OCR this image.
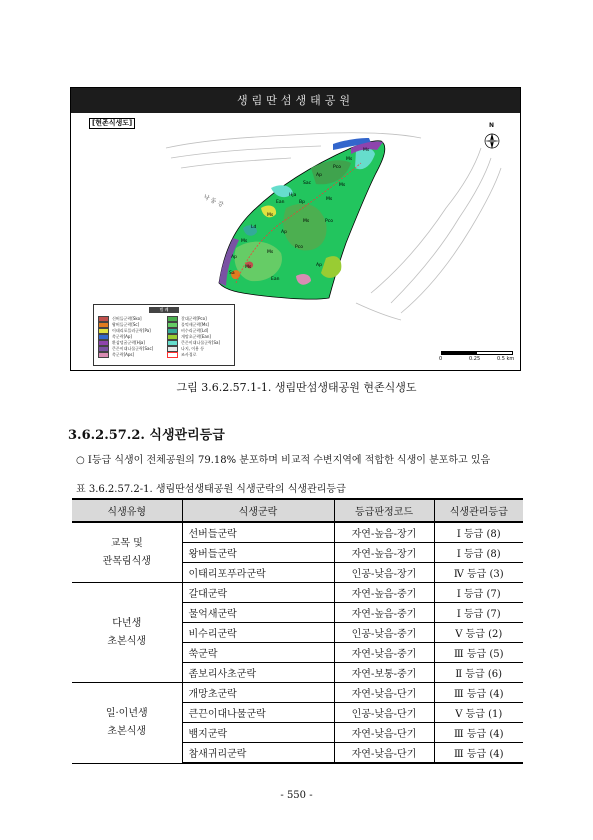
Ms
Ms
Pco
Ap
Sac	Ms
Hja
Ean	Bp
Ms
Ms
Ms	Pco
Ld
Ap
Ms
Pco
Ms
Ap
Ms	Ap
Sa
Ean
낙 동 강
생림딴섬생태공원
[현존식생도]	N
범 례
신버들군락[Sko]	갈대군락[Pco]
왕버들군락[Sc]	물억새군락[Ms]
이태리포플러군락[Pa]	비수리군락[Ld]
쑥군락[Ap]	개망초군락[Ean]
환삼덩굴군락[Hja]	큰끈이대나물군락[Sa]
큰끈이대나물군락[Sac]	나지, 이용 등
쑥군락[Aps]	조사경로
0	0.25	0.5 km
그림 3.6.2.57.1-1. 생림딴섬생태공원 현존식생도
3.6.2.57.2. 식생관리등급
○ Ⅰ등급 식생이 전체공원의 79.18% 분포하며 비교적 수변지역에 적합한 식생이 분포하고 있음
표 3.6.2.57.2-1. 생림딴섬생태공원 식생군락의 식생관리등급
식생유형	식생군락	등급판정코드	식생관리등급

교목 및
관목림식생	선버들군락	자연-높음-장기	Ⅰ 등급 (8)
	왕버들군락	자연-높음-장기	Ⅰ 등급 (8)
	이태리포푸라군락	인공-낮음-장기	Ⅳ 등급 (3)

다년생
초본식생	갈대군락	자연-높음-중기	Ⅰ 등급 (7)
	물억새군락	자연-높음-중기	Ⅰ 등급 (7)
	비수리군락	인공-낮음-중기	Ⅴ 등급 (2)
	쑥군락	자연-낮음-중기	Ⅲ 등급 (5)
	좀보리사초군락	자연-보통-중기	Ⅱ 등급 (6)

일·이년생
초본식생	개망초군락	자연-낮음-단기	Ⅲ 등급 (4)
	큰끈이대나물군락	인공-낮음-단기	Ⅴ 등급 (1)
	뱀지군락	자연-낮음-단기	Ⅲ 등급 (4)
	참새귀리군락	자연-낮음-단기	Ⅲ 등급 (4)
- 550 -
